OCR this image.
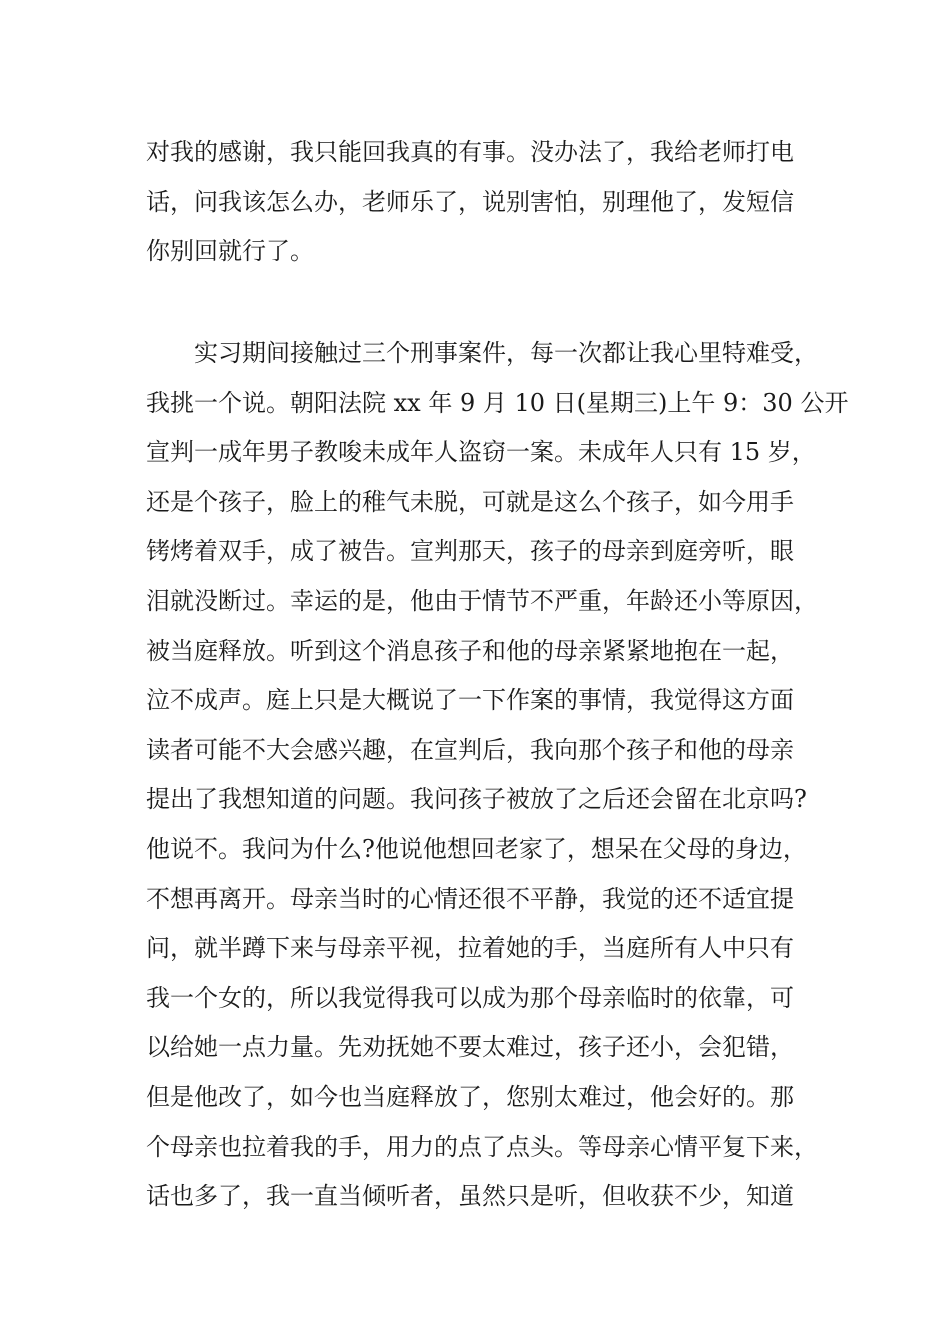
对我的感谢，我只能回我真的有事。没办法了，我给老师打电
话，问我该怎么办，老师乐了，说别害怕，别理他了，发短信
你别回就行了。

实习期间接触过三个刑事案件，每一次都让我心里特难受，
我挑一个说。朝阳法院 xx 年 9 月 10 日(星期三)上午 9：30 公开
宣判一成年男子教唆未成年人盗窃一案。未成年人只有 15 岁，
还是个孩子，脸上的稚气未脱，可就是这么个孩子，如今用手
铐烤着双手，成了被告。宣判那天，孩子的母亲到庭旁听，眼
泪就没断过。幸运的是，他由于情节不严重，年龄还小等原因，
被当庭释放。听到这个消息孩子和他的母亲紧紧地抱在一起，
泣不成声。庭上只是大概说了一下作案的事情，我觉得这方面
读者可能不大会感兴趣，在宣判后，我向那个孩子和他的母亲
提出了我想知道的问题。我问孩子被放了之后还会留在北京吗?
他说不。我问为什么?他说他想回老家了，想呆在父母的身边，
不想再离开。母亲当时的心情还很不平静，我觉的还不适宜提
问，就半蹲下来与母亲平视，拉着她的手，当庭所有人中只有
我一个女的，所以我觉得我可以成为那个母亲临时的依靠，可
以给她一点力量。先劝抚她不要太难过，孩子还小，会犯错，
但是他改了，如今也当庭释放了，您别太难过，他会好的。那
个母亲也拉着我的手，用力的点了点头。等母亲心情平复下来，
话也多了，我一直当倾听者，虽然只是听，但收获不少，知道
